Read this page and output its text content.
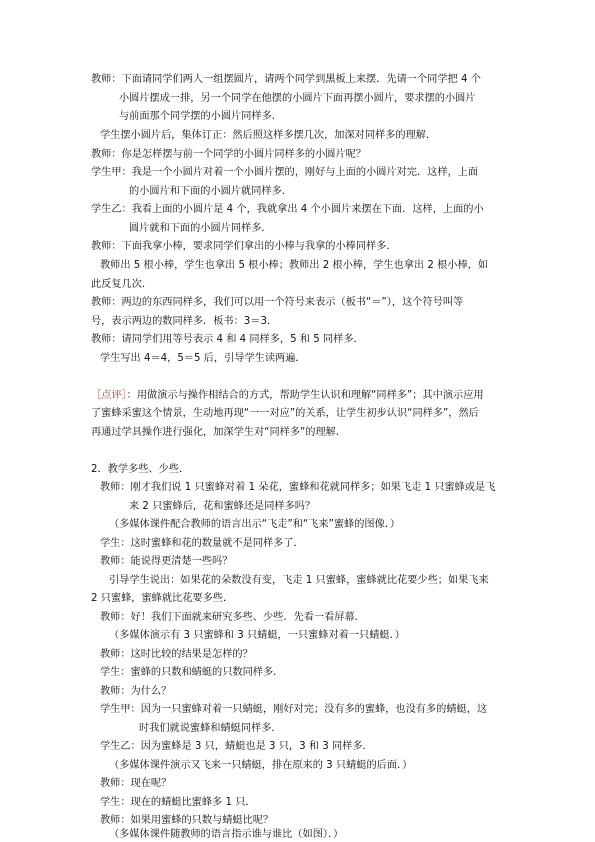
教师：下面请同学们两人一组摆圆片，请两个同学到黑板上来摆．先请一个同学把 4 个
小圆片摆成一排，另一个同学在他摆的小圆片下面再摆小圆片，要求摆的小圆片
与前面那个同学摆的小圆片同样多．
学生摆小圆片后，集体订正：然后照这样多摆几次，加深对同样多的理解．
教师：你是怎样摆与前一个同学的小圆片同样多的小圆片呢？
学生甲：我是一个小圆片对着一个小圆片摆的，刚好与上面的小圆片对完．这样，上面
的小圆片和下面的小圆片就同样多．
学生乙：我看上面的小圆片是 4 个，我就拿出 4 个小圆片来摆在下面．这样，上面的小
圆片就和下面的小圆片同样多．
教师：下面我拿小棒，要求同学们拿出的小棒与我拿的小棒同样多．
教师出 5 根小棒，学生也拿出 5 根小棒；教师出 2 根小棒，学生也拿出 2 根小棒，如
此反复几次．
教师：两边的东西同样多，我们可以用一个符号来表示（板书“＝”），这个符号叫等
号，表示两边的数同样多．板书：3＝3．
教师：请同学们用等号表示 4 和 4 同样多，5 和 5 同样多．
学生写出 4＝4，5＝5 后，引导学生读两遍．
［点评］：用做演示与操作相结合的方式，帮助学生认识和理解“同样多”；其中演示应用
了蜜蜂采蜜这个情景，生动地再现“一一对应”的关系，让学生初步认识“同样多”，然后
再通过学具操作进行强化，加深学生对“同样多”的理解．
2．教学多些、少些．
教师：刚才我们说 1 只蜜蜂对着 1 朵花，蜜蜂和花就同样多；如果飞走 1 只蜜蜂或是飞
来 2 只蜜蜂后，花和蜜蜂还是同样多吗？
（多媒体课件配合教师的语言出示“飞走”和“飞来”蜜蜂的图像．）
学生：这时蜜蜂和花的数量就不是同样多了．
教师：能说得更清楚一些吗？
引导学生说出：如果花的朵数没有变，飞走 1 只蜜蜂，蜜蜂就比花要少些；如果飞来
2 只蜜蜂，蜜蜂就比花要多些．
教师：好！我们下面就来研究多些、少些．先看一看屏幕．
（多媒体演示有 3 只蜜蜂和 3 只蜻蜓，一只蜜蜂对着一只蜻蜓．）
教师：这时比较的结果是怎样的？
学生：蜜蜂的只数和蜻蜓的只数同样多．
教师：为什么？
学生甲：因为一只蜜蜂对着一只蜻蜓，刚好对完；没有多的蜜蜂，也没有多的蜻蜓，这
时我们就说蜜蜂和蜻蜓同样多．
学生乙：因为蜜蜂是 3 只，蜻蜓也是 3 只，3 和 3 同样多．
（多媒体课件演示又飞来一只蜻蜓，排在原来的 3 只蜻蜓的后面．）
教师：现在呢？
学生：现在的蜻蜓比蜜蜂多 1 只．
教师：如果用蜜蜂的只数与蜻蜓比呢？
（多媒体课件随教师的语言指示谁与谁比（如图）．）
